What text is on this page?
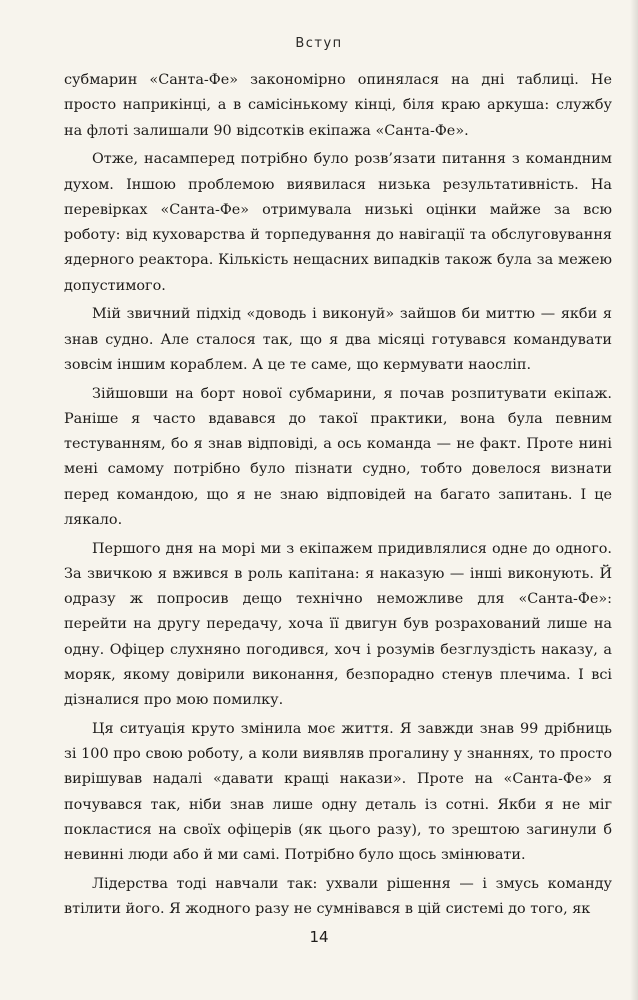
Вступ

субмарин «Санта-Фе» закономірно опинялася на дні таблиці. Не просто наприкінці, а в самісінькому кінці, біля краю аркуша: службу на флоті залишали 90 відсотків екіпажа «Санта-Фе».

Отже, насамперед потрібно було розв’язати питання з командним духом. Іншою проблемою виявилася низька результативність. На перевірках «Санта-Фе» отримувала низькі оцінки майже за всю роботу: від куховарства й торпедування до навігації та обслуговування ядерного реактора. Кількість нещасних випадків також була за межею допустимого.

Мій звичний підхід «доводь і виконуй» зайшов би миттю — якби я знав судно. Але сталося так, що я два місяці готувався командувати зовсім іншим кораблем. А це те саме, що кермувати наосліп.

Зійшовши на борт нової субмарини, я почав розпитувати екіпаж. Раніше я часто вдавався до такої практики, вона була певним тестуванням, бо я знав відповіді, а ось команда — не факт. Проте нині мені самому потрібно було пізнати судно, тобто довелося визнати перед командою, що я не знаю відповідей на багато запитань. І це лякало.

Першого дня на морі ми з екіпажем придивлялися одне до одного. За звичкою я вжився в роль капітана: я наказую — інші виконують. Й одразу ж попросив дещо технічно неможливе для «Санта-Фе»: перейти на другу передачу, хоча її двигун був розрахований лише на одну. Офіцер слухняно погодився, хоч і розумів безглуздість наказу, а моряк, якому довірили виконання, безпорадно стенув плечима. І всі дізналися про мою помилку.

Ця ситуація круто змінила моє життя. Я завжди знав 99 дрібниць зі 100 про свою роботу, а коли виявляв прогалину у знаннях, то просто вирішував надалі «давати кращі накази». Проте на «Санта-Фе» я почувався так, ніби знав лише одну деталь із сотні. Якби я не міг покластися на своїх офіцерів (як цього разу), то зрештою загинули б невинні люди або й ми самі. Потрібно було щось змінювати.

Лідерства тоді навчали так: ухвали рішення — і змусь команду втілити його. Я жодного разу не сумнівався в цій системі до того, як

14
